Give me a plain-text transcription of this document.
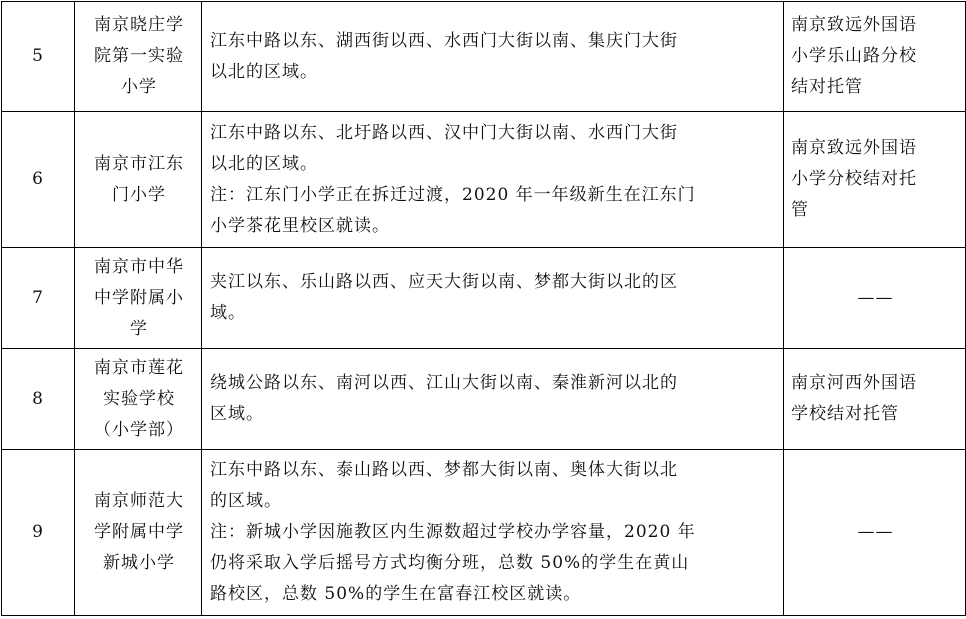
5	南京晓庄学
院第一实验
小学	江东中路以东、湖西街以西、水西门大街以南、集庆门大街
以北的区域。	南京致远外国语
小学乐山路分校
结对托管

6	南京市江东
门小学	江东中路以东、北圩路以西、汉中门大街以南、水西门大街
以北的区域。
注：江东门小学正在拆迁过渡，2020 年一年级新生在江东门
小学茶花里校区就读。	南京致远外国语
小学分校结对托
管

7	南京市中华
中学附属小
学	夹江以东、乐山路以西、应天大街以南、梦都大街以北的区
域。	——

8	南京市莲花
实验学校
（小学部）	绕城公路以东、南河以西、江山大街以南、秦淮新河以北的
区域。	南京河西外国语
学校结对托管

9	南京师范大
学附属中学
新城小学	江东中路以东、泰山路以西、梦都大街以南、奥体大街以北
的区域。
注：新城小学因施教区内生源数超过学校办学容量，2020 年
仍将采取入学后摇号方式均衡分班，总数 50%的学生在黄山
路校区，总数 50%的学生在富春江校区就读。	——
